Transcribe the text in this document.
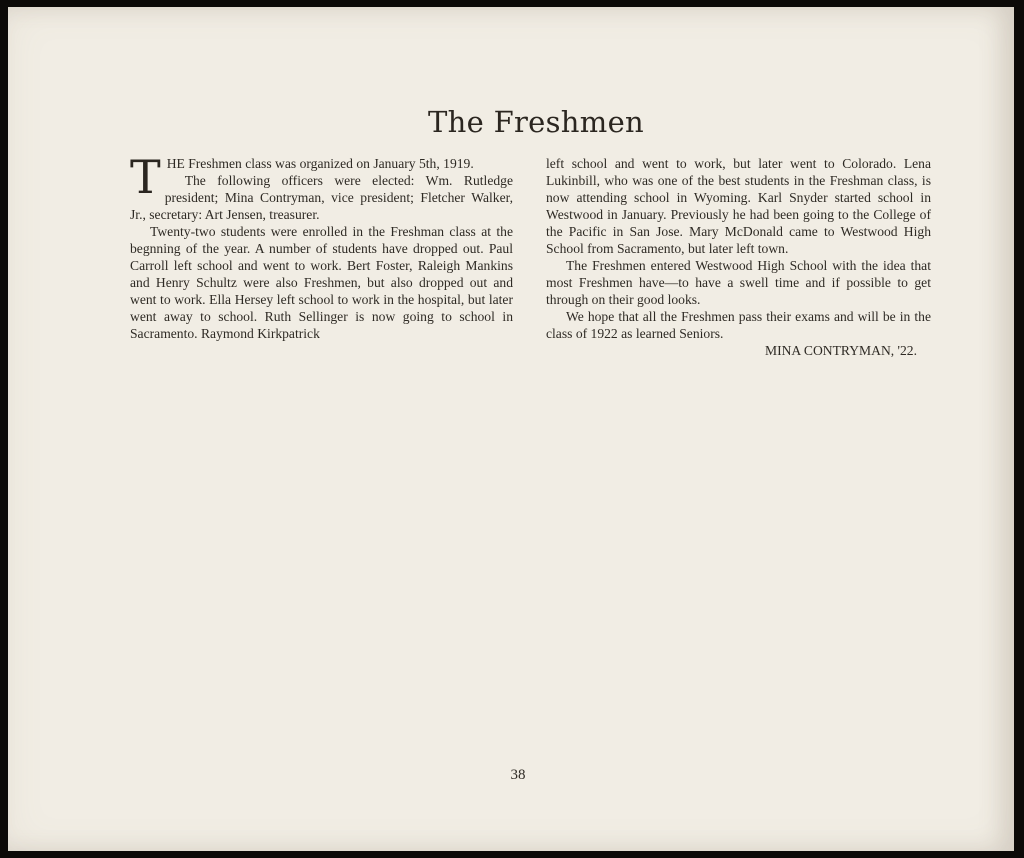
The Freshmen

THE Freshmen class was organized on January 5th, 1919.

The following officers were elected: Wm. Rutledge president; Mina Contryman, vice president; Fletcher Walker, Jr., secretary: Art Jensen, treasurer.

Twenty-two students were enrolled in the Freshman class at the begnning of the year. A number of students have dropped out. Paul Carroll left school and went to work. Bert Foster, Raleigh Mankins and Henry Schultz were also Freshmen, but also dropped out and went to work. Ella Hersey left school to work in the hospital, but later went away to school. Ruth Sellinger is now going to school in Sacramento. Raymond Kirkpatrick

left school and went to work, but later went to Colorado. Lena Lukinbill, who was one of the best students in the Freshman class, is now attending school in Wyoming. Karl Snyder started school in Westwood in January. Previously he had been going to the College of the Pacific in San Jose. Mary McDonald came to Westwood High School from Sacramento, but later left town.

The Freshmen entered Westwood High School with the idea that most Freshmen have—to have a swell time and if possible to get through on their good looks.

We hope that all the Freshmen pass their exams and will be in the class of 1922 as learned Seniors.

MINA CONTRYMAN, '22.

38
